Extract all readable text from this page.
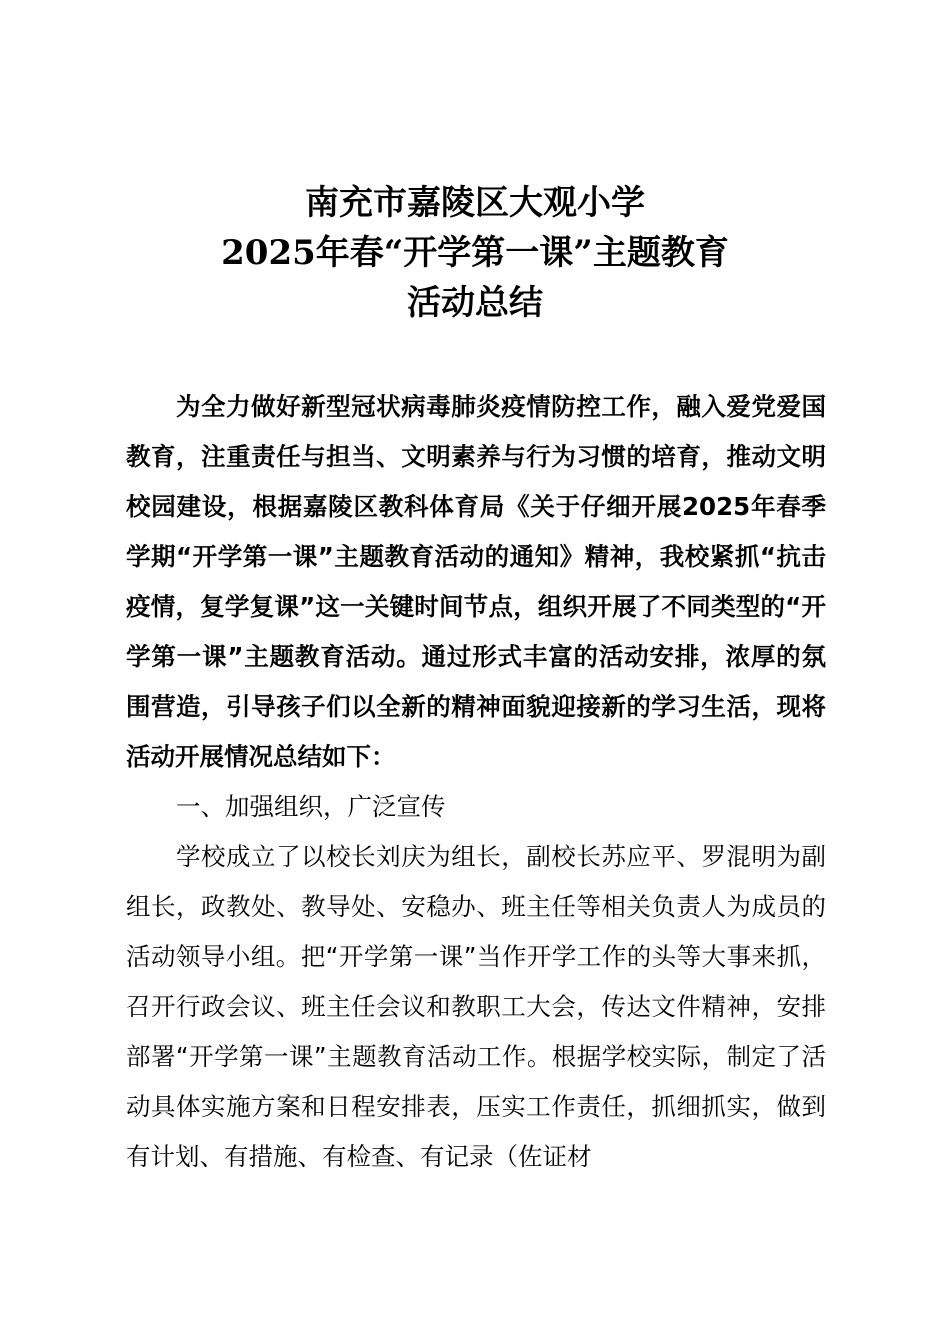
南充市嘉陵区大观小学
2025年春“开学第一课”主题教育
活动总结

为全力做好新型冠状病毒肺炎疫情防控工作，融入爱党爱国教育，注重责任与担当、文明素养与行为习惯的培育，推动文明校园建设，根据嘉陵区教科体育局《关于仔细开展2025年春季学期“开学第一课”主题教育活动的通知》精神，我校紧抓“抗击疫情，复学复课”这一关键时间节点，组织开展了不同类型的“开学第一课”主题教育活动。通过形式丰富的活动安排，浓厚的氛围营造，引导孩子们以全新的精神面貌迎接新的学习生活，现将活动开展情况总结如下：

一、加强组织，广泛宣传

学校成立了以校长刘庆为组长，副校长苏应平、罗混明为副组长，政教处、教导处、安稳办、班主任等相关负责人为成员的活动领导小组。把“开学第一课”当作开学工作的头等大事来抓，召开行政会议、班主任会议和教职工大会，传达文件精神，安排部署“开学第一课”主题教育活动工作。根据学校实际，制定了活动具体实施方案和日程安排表，压实工作责任，抓细抓实，做到有计划、有措施、有检查、有记录（佐证材
